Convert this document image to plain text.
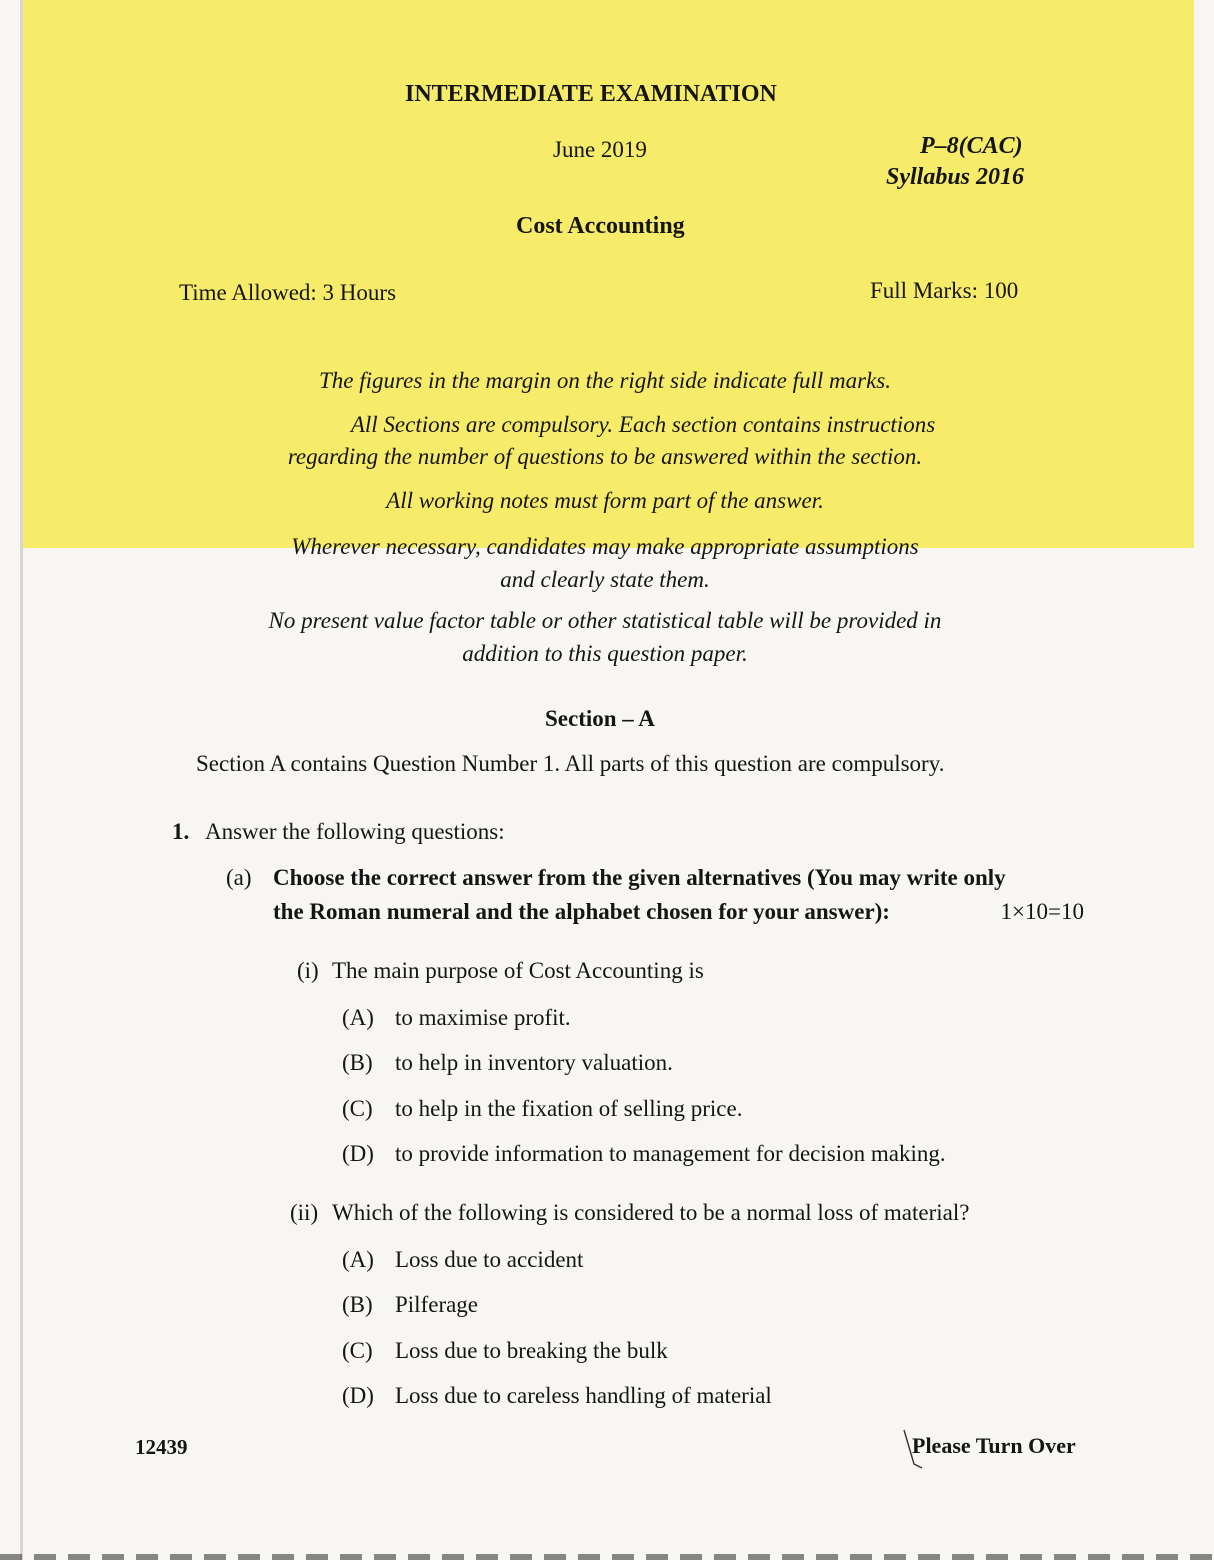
INTERMEDIATE EXAMINATION
June 2019	P–8(CAC)
Syllabus 2016
Cost Accounting
Time Allowed: 3 Hours	Full Marks: 100
The figures in the margin on the right side indicate full marks.
All Sections are compulsory. Each section contains instructions
regarding the number of questions to be answered within the section.
All working notes must form part of the answer.
Wherever necessary, candidates may make appropriate assumptions
and clearly state them.
No present value factor table or other statistical table will be provided in
addition to this question paper.
Section – A
Section A contains Question Number 1. All parts of this question are compulsory.
1. Answer the following questions:
(a) Choose the correct answer from the given alternatives (You may write only
the Roman numeral and the alphabet chosen for your answer):	1×10=10
(i) The main purpose of Cost Accounting is
(A) to maximise profit.
(B) to help in inventory valuation.
(C) to help in the fixation of selling price.
(D) to provide information to management for decision making.
(ii) Which of the following is considered to be a normal loss of material?
(A) Loss due to accident
(B) Pilferage
(C) Loss due to breaking the bulk
(D) Loss due to careless handling of material
12439	Please Turn Over
